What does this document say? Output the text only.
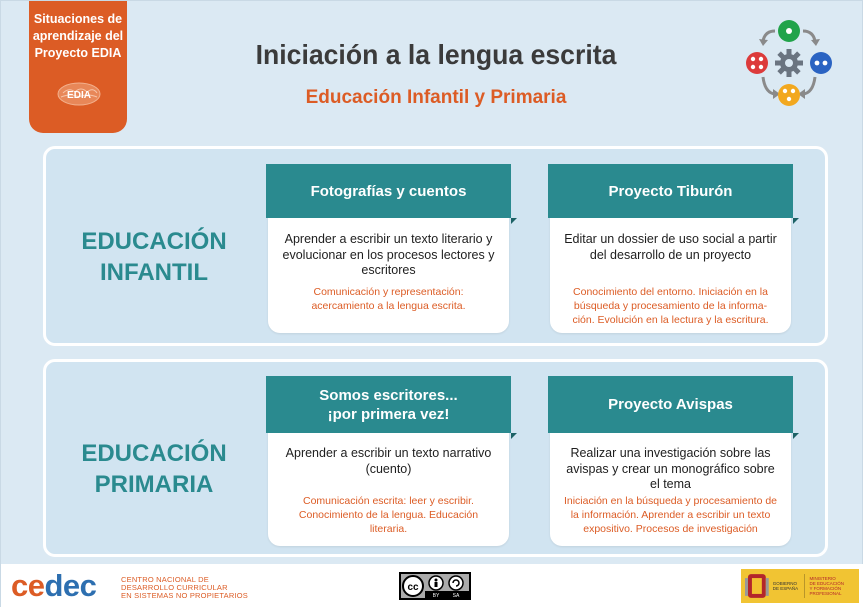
Situaciones de
aprendizaje del
Proyecto EDIA
EDIA
Iniciación a la lengua escrita
Educación Infantil y Primaria
EDUCACIÓN
INFANTIL
Fotografías y cuentos
Aprender a escribir un texto literario y evolucionar en los procesos lectores y escritores
Comunicación y representación: acercamiento a la lengua escrita.
Proyecto Tiburón
Editar un dossier de uso social a partir del desarrollo de un proyecto
Conocimiento del entorno. Iniciación en la búsqueda y procesamiento de la informa- ción. Evolución en la lectura y la escritura.
EDUCACIÓN
PRIMARIA
Somos escritores...
¡por primera vez!
Aprender a escribir un texto narrativo (cuento)
Comunicación escrita: leer y escribir. Conocimiento de la lengua. Educación literaria.
Proyecto Avispas
Realizar una investigación sobre las avispas y crear un monográfico sobre el tema
Iniciación en la búsqueda y procesamiento de la información. Aprender a escribir un texto expositivo. Procesos de investigación
cedec	CENTRO NACIONAL DE
DESARROLLO CURRICULAR
EN SISTEMAS NO PROPIETARIOS
cc
BY	SA
GOBIERNO
DE ESPAÑA
MINISTERIO
DE EDUCACIÓN
Y FORMACIÓN PROFESIONAL
